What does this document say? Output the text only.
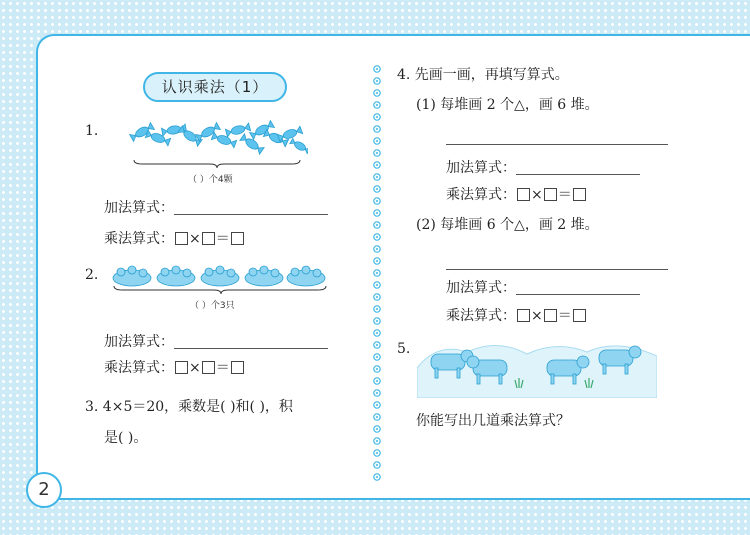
认识乘法（1）
1.
（ ）个4颗
加法算式：
乘法算式： × ＝
2.
（ ）个3只
加法算式：
乘法算式： × ＝
3. 4×5＝20，乘数是( )和( )，积
是( )。
4. 先画一画，再填写算式。
(1) 每堆画 2 个△，画 6 堆。
加法算式：
乘法算式： × ＝
(2) 每堆画 6 个△，画 2 堆。
加法算式：
乘法算式： × ＝
5.
你能写出几道乘法算式？
2
